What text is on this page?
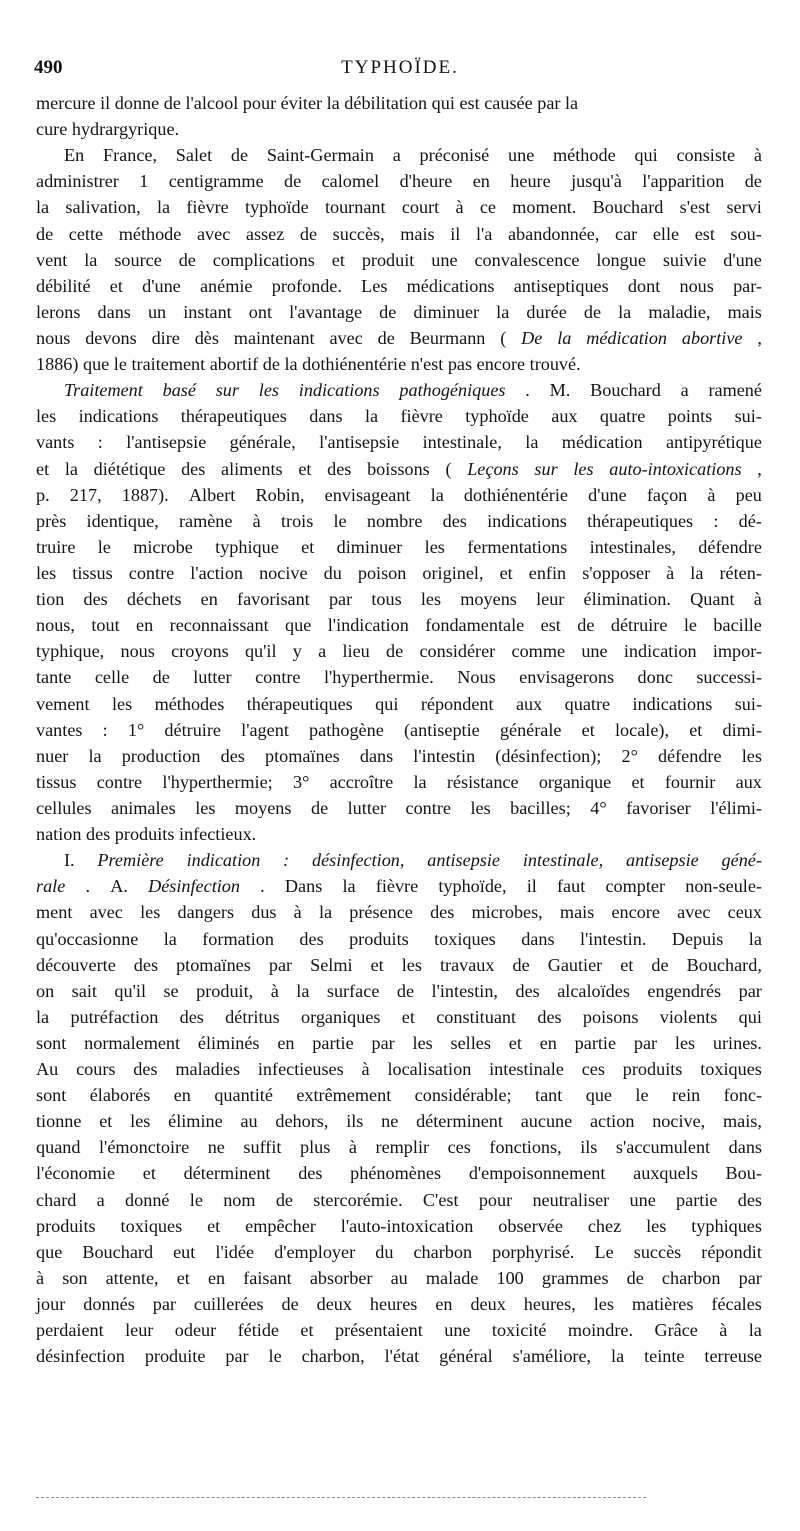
490	TYPHOÏDE.
mercure il donne de l'alcool pour éviter la débilitation qui est causée par la
cure hydrargyrique.
En France, Salet de Saint-Germain a préconisé une méthode qui consiste à
administrer 1 centigramme de calomel d'heure en heure jusqu'à l'apparition de
la salivation, la fièvre typhoïde tournant court à ce moment. Bouchard s'est servi
de cette méthode avec assez de succès, mais il l'a abandonnée, car elle est sou-
vent la source de complications et produit une convalescence longue suivie d'une
débilité et d'une anémie profonde. Les médications antiseptiques dont nous par-
lerons dans un instant ont l'avantage de diminuer la durée de la maladie, mais
nous devons dire dès maintenant avec de Beurmann ( De la médication abortive ,
1886) que le traitement abortif de la dothiénentérie n'est pas encore trouvé.
Traitement basé sur les indications pathogéniques . M. Bouchard a ramené
les indications thérapeutiques dans la fièvre typhoïde aux quatre points sui-
vants : l'antisepsie générale, l'antisepsie intestinale, la médication antipyrétique
et la diététique des aliments et des boissons ( Leçons sur les auto-intoxications ,
p. 217, 1887). Albert Robin, envisageant la dothiénentérie d'une façon à peu
près identique, ramène à trois le nombre des indications thérapeutiques : dé-
truire le microbe typhique et diminuer les fermentations intestinales, défendre
les tissus contre l'action nocive du poison originel, et enfin s'opposer à la réten-
tion des déchets en favorisant par tous les moyens leur élimination. Quant à
nous, tout en reconnaissant que l'indication fondamentale est de détruire le bacille
typhique, nous croyons qu'il y a lieu de considérer comme une indication impor-
tante celle de lutter contre l'hyperthermie. Nous envisagerons donc successi-
vement les méthodes thérapeutiques qui répondent aux quatre indications sui-
vantes : 1° détruire l'agent pathogène (antiseptie générale et locale), et dimi-
nuer la production des ptomaïnes dans l'intestin (désinfection); 2° défendre les
tissus contre l'hyperthermie; 3° accroître la résistance organique et fournir aux
cellules animales les moyens de lutter contre les bacilles; 4° favoriser l'élimi-
nation des produits infectieux.
I. Première indication : désinfection, antisepsie intestinale, antisepsie géné-
rale . A. Désinfection . Dans la fièvre typhoïde, il faut compter non-seule-
ment avec les dangers dus à la présence des microbes, mais encore avec ceux
qu'occasionne la formation des produits toxiques dans l'intestin. Depuis la
découverte des ptomaïnes par Selmi et les travaux de Gautier et de Bouchard,
on sait qu'il se produit, à la surface de l'intestin, des alcaloïdes engendrés par
la putréfaction des détritus organiques et constituant des poisons violents qui
sont normalement éliminés en partie par les selles et en partie par les urines.
Au cours des maladies infectieuses à localisation intestinale ces produits toxiques
sont élaborés en quantité extrêmement considérable; tant que le rein fonc-
tionne et les élimine au dehors, ils ne déterminent aucune action nocive, mais,
quand l'émonctoire ne suffit plus à remplir ces fonctions, ils s'accumulent dans
l'économie et déterminent des phénomènes d'empoisonnement auxquels Bou-
chard a donné le nom de stercorémie. C'est pour neutraliser une partie des
produits toxiques et empêcher l'auto-intoxication observée chez les typhiques
que Bouchard eut l'idée d'employer du charbon porphyrisé. Le succès répondit
à son attente, et en faisant absorber au malade 100 grammes de charbon par
jour donnés par cuillerées de deux heures en deux heures, les matières fécales
perdaient leur odeur fétide et présentaient une toxicité moindre. Grâce à la
désinfection produite par le charbon, l'état général s'améliore, la teinte terreuse
